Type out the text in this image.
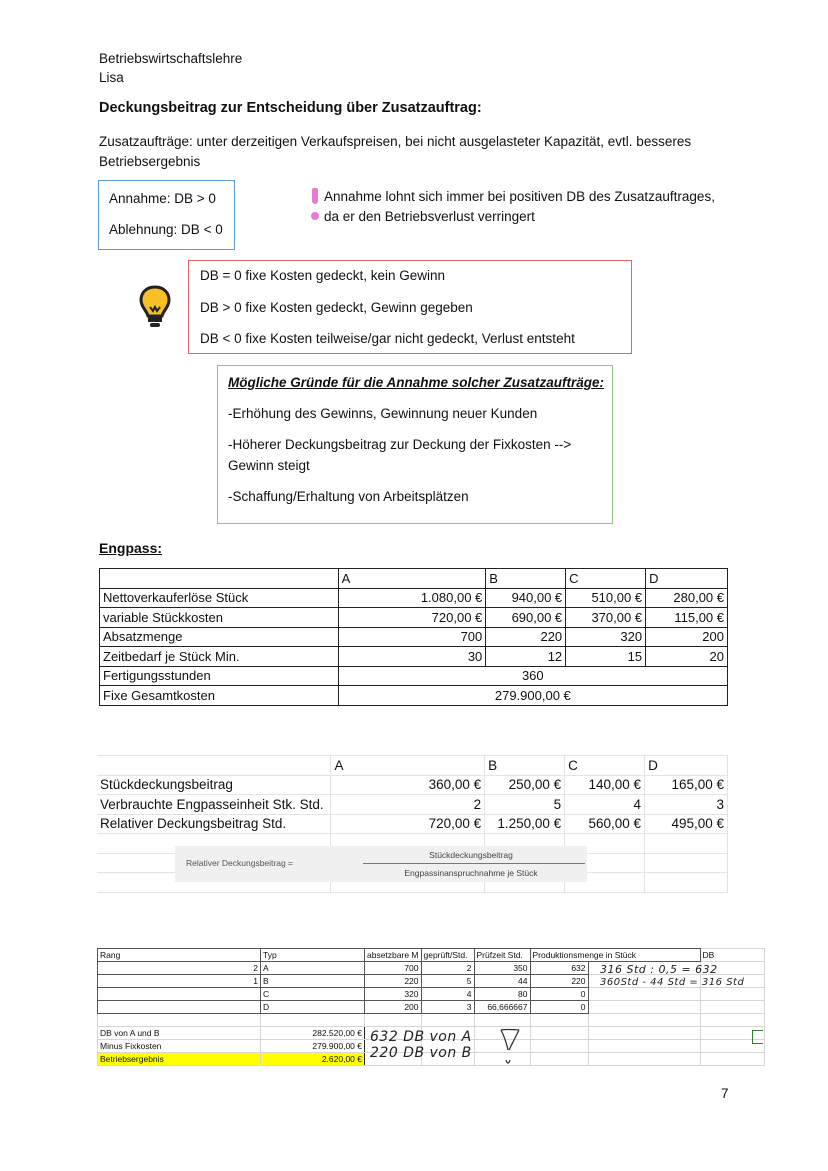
Betriebswirtschaftslehre
Lisa
Deckungsbeitrag zur Entscheidung über Zusatzauftrag:
Zusatzaufträge: unter derzeitigen Verkaufspreisen, bei nicht ausgelasteter Kapazität, evtl. besseres
Betriebsergebnis
Annahme: DB > 0
Ablehnung: DB < 0
Annahme lohnt sich immer bei positiven DB des Zusatzauftrages,
da er den Betriebsverlust verringert
DB = 0 fixe Kosten gedeckt, kein Gewinn
DB > 0 fixe Kosten gedeckt, Gewinn gegeben
DB < 0 fixe Kosten teilweise/gar nicht gedeckt, Verlust entsteht
Mögliche Gründe für die Annahme solcher Zusatzaufträge:
-Erhöhung des Gewinns, Gewinnung neuer Kunden
-Höherer Deckungsbeitrag zur Deckung der Fixkosten -->
Gewinn steigt
-Schaffung/Erhaltung von Arbeitsplätzen
Engpass:
	A	B	C	D
Nettoverkauferlöse Stück	1.080,00 €	940,00 €	510,00 €	280,00 €
variable Stückkosten	720,00 €	690,00 €	370,00 €	115,00 €
Absatzmenge	700	220	320	200
Zeitbedarf je Stück Min.	30	12	15	20
Fertigungsstunden	360			
Fixe Gesamtkosten	279.900,00 €			
	A	B	C	D
Stückdeckungsbeitrag	360,00 €	250,00 €	140,00 €	165,00 €
Verbrauchte Engpasseinheit Stk. Std.	2	5	4	3
Relativer Deckungsbeitrag Std.	720,00 €	1.250,00 €	560,00 €	495,00 €

Relativer Deckungsbeitrag =
Stückdeckungsbeitrag
Engpassinanspruchnahme je Stück
Rang	Typ	absetzbare M	geprüft/Std.	Prüfzeit Std.	Produktionsmenge in Stück		DB
2	A	700	2	350	632		
1	B	220	5	44	220		
	C	320	4	80	0		
	D	200	3	66,666667	0		

DB von A und B	282.520,00 €						
Minus Fixkosten	279.900,00 €						
Betriebsergebnis	2.620,00 €						
316 Std : 0,5 = 632
360Std - 44 Std = 316 Std
632 DB von A
220 DB von B
7
